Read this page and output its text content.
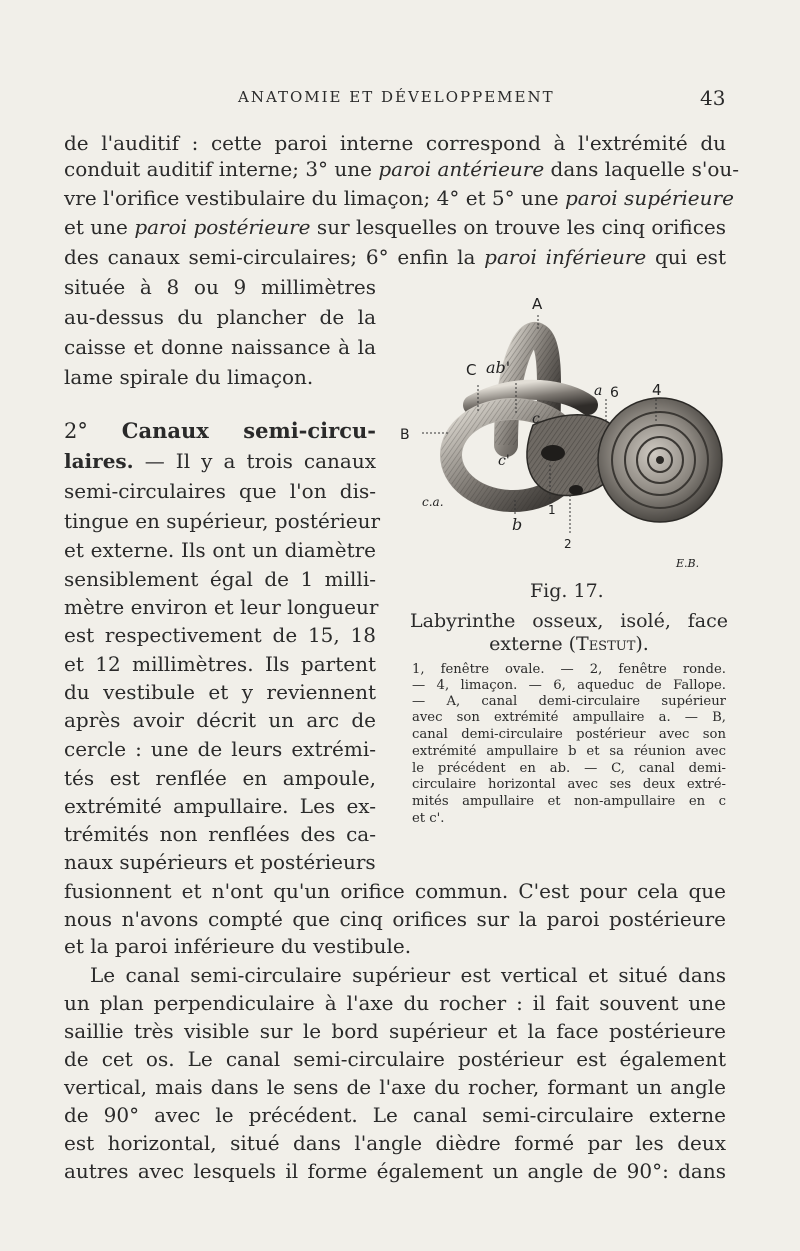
ANATOMIE ET DÉVELOPPEMENT	43
de l'auditif : cette paroi interne correspond à l'extrémité du
conduit auditif interne; 3° une paroi antérieure dans laquelle s'ou-
vre l'orifice vestibulaire du limaçon; 4° et 5° une paroi supérieure
et une paroi postérieure sur lesquelles on trouve les cinq orifices
des canaux semi-circulaires; 6° enfin la paroi inférieure qui est
située à 8 ou 9 millimètres
au-dessus du plancher de la
caisse et donne naissance à la
lame spirale du limaçon.
2° Canaux semi-circu-
laires. — Il y a trois canaux
semi-circulaires que l'on dis-
tingue en supérieur, postérieur
et externe. Ils ont un diamètre
sensiblement égal de 1 milli-
mètre environ et leur longueur
est respectivement de 15, 18
et 12 millimètres. Ils partent
du vestibule et y reviennent
après avoir décrit un arc de
cercle : une de leurs extrémi-
tés est renflée en ampoule,
extrémité ampullaire. Les ex-
trémités non renflées des ca-
naux supérieurs et postérieurs
A
C ab'
a 6 4
B
c
c'
c.a.
b
1
2
E.B.
Fig. 17.
Labyrinthe osseux, isolé, face
externe (Testut).
1, fenêtre ovale. — 2, fenêtre ronde.
— 4, limaçon. — 6, aqueduc de Fallope.
— A, canal demi-circulaire supérieur
avec son extrémité ampullaire a. — B,
canal demi-circulaire postérieur avec son
extrémité ampullaire b et sa réunion avec
le précédent en ab. — C, canal demi-
circulaire horizontal avec ses deux extré-
mités ampullaire et non-ampullaire en c
et c'.
fusionnent et n'ont qu'un orifice commun. C'est pour cela que
nous n'avons compté que cinq orifices sur la paroi postérieure
et la paroi inférieure du vestibule.
Le canal semi-circulaire supérieur est vertical et situé dans
un plan perpendiculaire à l'axe du rocher : il fait souvent une
saillie très visible sur le bord supérieur et la face postérieure
de cet os. Le canal semi-circulaire postérieur est également
vertical, mais dans le sens de l'axe du rocher, formant un angle
de 90° avec le précédent. Le canal semi-circulaire externe
est horizontal, situé dans l'angle dièdre formé par les deux
autres avec lesquels il forme également un angle de 90°: dans
